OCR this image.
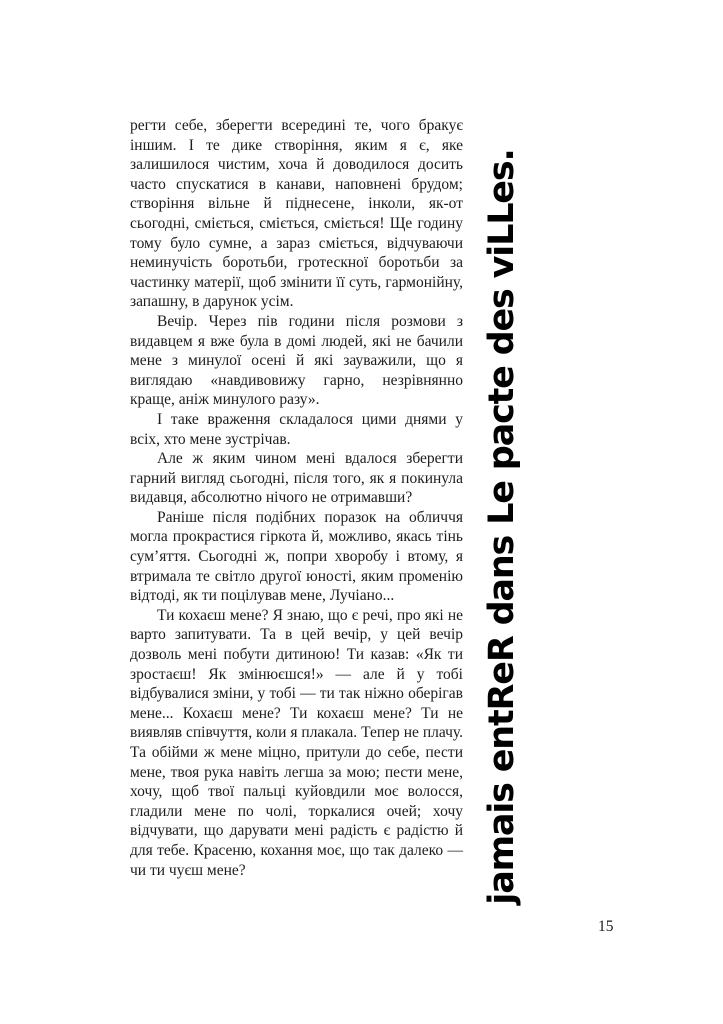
регти себе, зберегти всередині те, чого бракує іншим. І те дике створіння, яким я є, яке залишилося чистим, хоча й доводилося досить часто спускатися в канави, наповнені брудом; створіння вільне й піднесене, інколи, як-от сьогодні, сміється, сміється, сміється! Ще годину тому було сумне, а зараз сміється, відчуваючи неминучість боротьби, гротескної боротьби за частинку матерії, щоб змінити її суть, гармонійну, запашну, в дарунок усім.

Вечір. Через пів години після розмови з видавцем я вже була в домі людей, які не бачили мене з минулої осені й які зауважили, що я виглядаю «навдивовижу гарно, незрівнянно краще, аніж минулого разу».

І таке враження складалося цими днями у всіх, хто мене зустрічав.

Але ж яким чином мені вдалося зберегти гарний вигляд сьогодні, після того, як я покинула видавця, абсолютно нічого не отримавши?

Раніше після подібних поразок на обличчя могла прокрастися гіркота й, можливо, якась тінь сум’яття. Сьогодні ж, попри хворобу і втому, я втримала те світло другої юності, яким променію відтоді, як ти поцілував мене, Лучіано...

Ти кохаєш мене? Я знаю, що є речі, про які не варто запитувати. Та в цей вечір, у цей вечір дозволь мені побути дитиною! Ти казав: «Як ти зростаєш! Як змінюєшся!» — але й у тобі відбувалися зміни, у тобі — ти так ніжно оберігав мене... Кохаєш мене? Ти кохаєш мене? Ти не виявляв співчуття, коли я плакала. Тепер не плачу. Та обійми ж мене міцно, притули до себе, пести мене, твоя рука навіть легша за мою; пести мене, хочу, щоб твої пальці куйовдили моє волосся, гладили мене по чолі, торкалися очей; хочу відчувати, що дарувати мені радість є радістю й для тебе. Красеню, кохання моє, що так далеко — чи ти чуєш мене?	jamais entReR dans Le pacte des viLLes.
15
